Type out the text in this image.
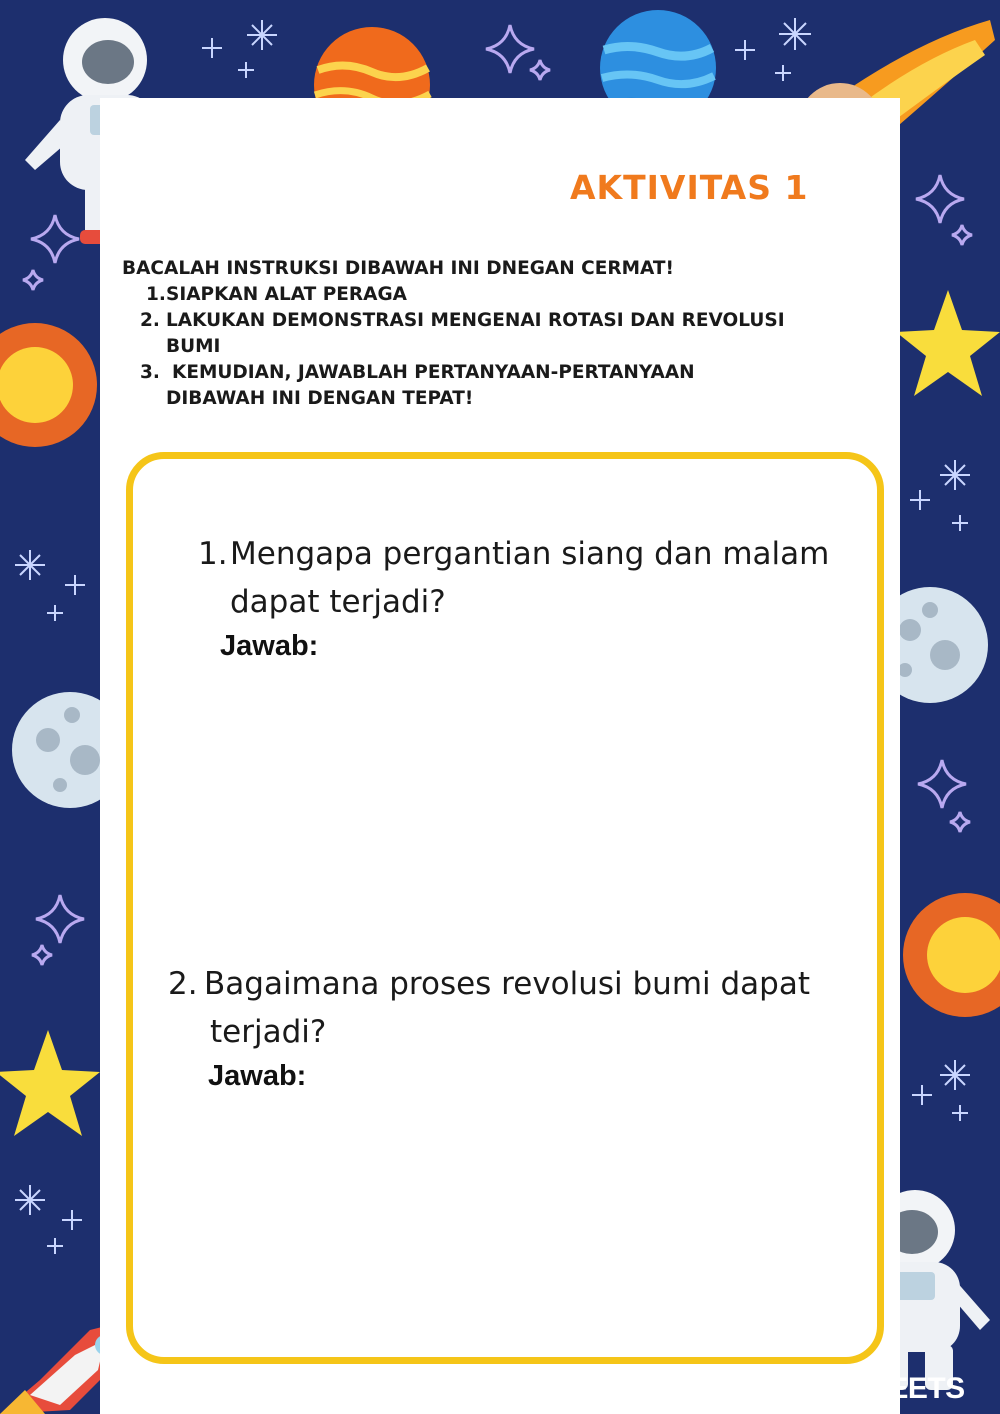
AKTIVITAS 1
BACALAH INSTRUKSI DIBAWAH INI DNEGAN CERMAT!
1. SIAPKAN ALAT PERAGA
2. LAKUKAN DEMONSTRASI MENGENAI ROTASI DAN REVOLUSI
BUMI
3. KEMUDIAN, JAWABLAH PERTANYAAN-PERTANYAAN
DIBAWAH INI DENGAN TEPAT!
1. Mengapa pergantian siang dan malam
dapat terjadi?
Jawab:
2. Bagaimana proses revolusi bumi dapat
terjadi?
Jawab:
LIVEWORKSHEETS
